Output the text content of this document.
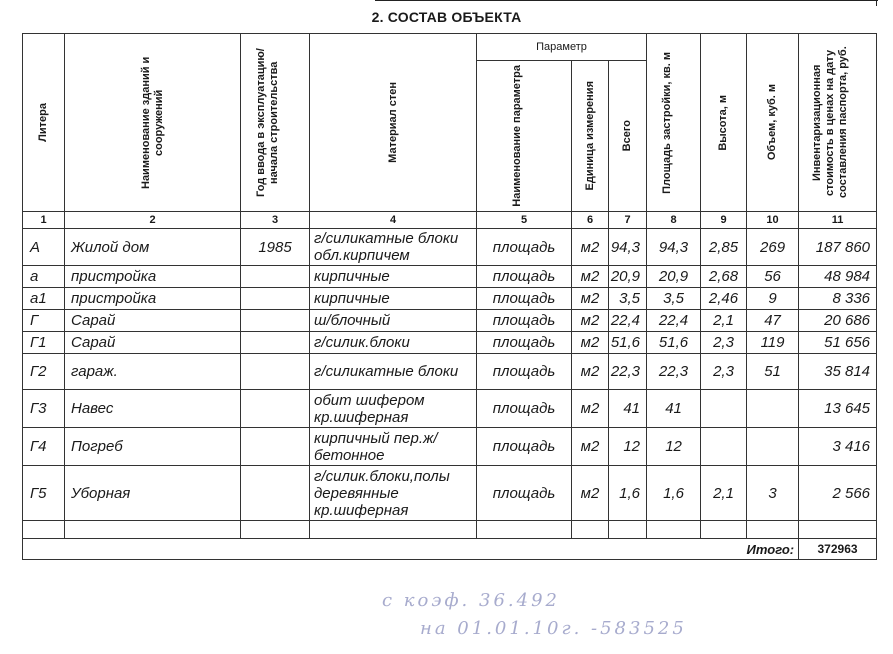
2. СОСТАВ ОБЪЕКТА
Литера	Наименование зданий и сооружений	Год ввода в эксплуатацию/начала строительства	Материал стен	Параметр			Площадь застройки, кв. м	Высота, м	Объем, куб. м	Инвентаризационная стоимость в ценах на дату составления паспорта, руб.

				Наименование параметра	Единица измерения	Всего				

1	2	3	4	5	6	7	8	9	10	11
А	Жилой дом	1985	г/силикатные блоки обл.кирпичем	площадь	м2	94,3	94,3	2,85	269	187 860
а	пристройка		кирпичные	площадь	м2	20,9	20,9	2,68	56	48 984
а1	пристройка		кирпичные	площадь	м2	3,5	3,5	2,46	9	8 336
Г	Сарай		ш/блочный	площадь	м2	22,4	22,4	2,1	47	20 686
Г1	Сарай		г/силик.блоки	площадь	м2	51,6	51,6	2,3	119	51 656
Г2	гараж.		г/силикатные блоки	площадь	м2	22,3	22,3	2,3	51	35 814
Г3	Навес		обит шифером кр.шиферная	площадь	м2	41	41			13 645
Г4	Погреб		кирпичный пер.ж/бетонное	площадь	м2	12	12			3 416
Г5	Уборная		г/силик.блоки,полы деревянные кр.шиферная	площадь	м2	1,6	1,6	2,1	3	2 566

									Итого:	372963
с коэф. 36.492
на 01.01.10г. -583525
